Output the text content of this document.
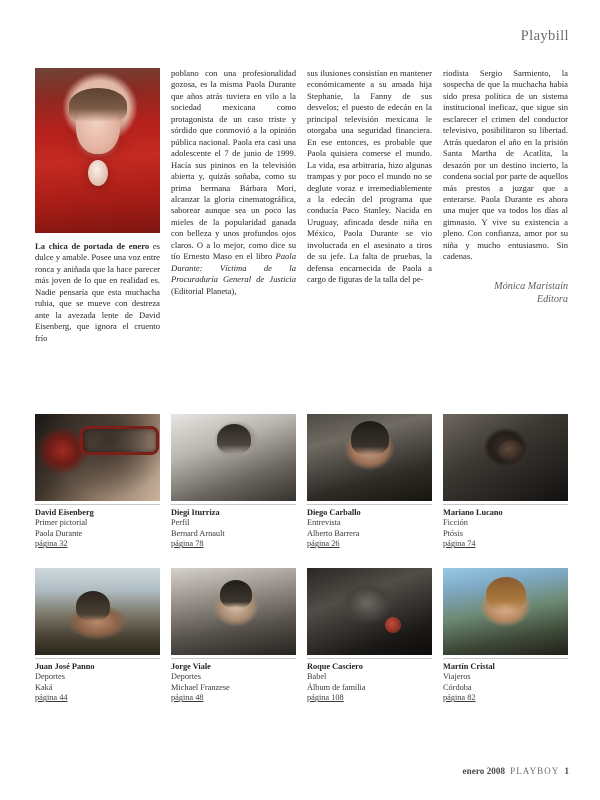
Playbill

La chica de portada de enero es dulce y amable. Posee una voz entre ronca y aniñada que la hace parecer más joven de lo que en realidad es. Nadie pensaría que esta muchacha rubia, que se mueve con destreza ante la avezada lente de David Eisenberg, que ignora el cruento frío

poblano con una profesionalidad gozosa, es la misma Paola Durante que años atrás tuviera en vilo a la sociedad mexicana como protagonista de un caso triste y sórdido que conmovió a la opinión pública nacional. Paola era casi una adolescente el 7 de junio de 1999. Hacía sus pininos en la televisión abierta y, quizás soñaba, como su prima hermana Bárbara Mori, alcanzar la gloria cinematográfica, saborear aunque sea un poco las mieles de la popularidad ganada con belleza y unos profundos ojos claros. O a lo mejor, como dice su tío Ernesto Maso en el libro Paola Durante: Víctima de la Procuraduría General de Justicia (Editorial Planeta),

sus ilusiones consistían en mantener económicamente a su amada hija Stephanie, la Fanny de sus desvelos; el puesto de edecán en la principal televisión mexicana le otorgaba una seguridad financiera. En ese entonces, es probable que Paola quisiera comerse el mundo. La vida, esa arbitraria, hizo algunas trampas y por poco el mundo no se deglute voraz e irremediablemente a la edecán del programa que conducía Paco Stanley. Nacida en Uruguay, afincada desde niña en México, Paola Durante se vio involucrada en el asesinato a tiros de su jefe. La falta de pruebas, la defensa encarnecida de Paola a cargo de figuras de la talla del pe-

riodista Sergio Sarmiento, la sospecha de que la muchacha había sido presa política de un sistema institucional ineficaz, que sigue sin esclarecer el crimen del conductor televisivo, posibilitaron su libertad. Atrás quedaron el año en la prisión Santa Martha de Acatlita, la desazón por un destino incierto, la condena social por parte de aquellos más prestos a juzgar que a enterarse. Paola Durante es ahora una mujer que va todos los días al gimnasio. Y vive su existencia a pleno. Con confianza, amor por su niña y mucho entusiasmo. Sin cadenas.

Mónica Maristain
Editora
David Eisenberg
Primer pictorial
Paola Durante
página 32
Diegi Iturriza
Perfil
Bernard Arnault
página 78
Diego Carballo
Entrevista
Alberto Barrera
página 26
Mariano Lucano
Ficción
Ptósis
página 74
Juan José Panno
Deportes
Kaká
página 44
Jorge Viale
Deportes
Michael Franzese
página 48
Roque Casciero
Babel
Álbum de familia
página 108
Martín Cristal
Viajeros
Córdoba
página 82
enero 2008 PLAYBOY 1
